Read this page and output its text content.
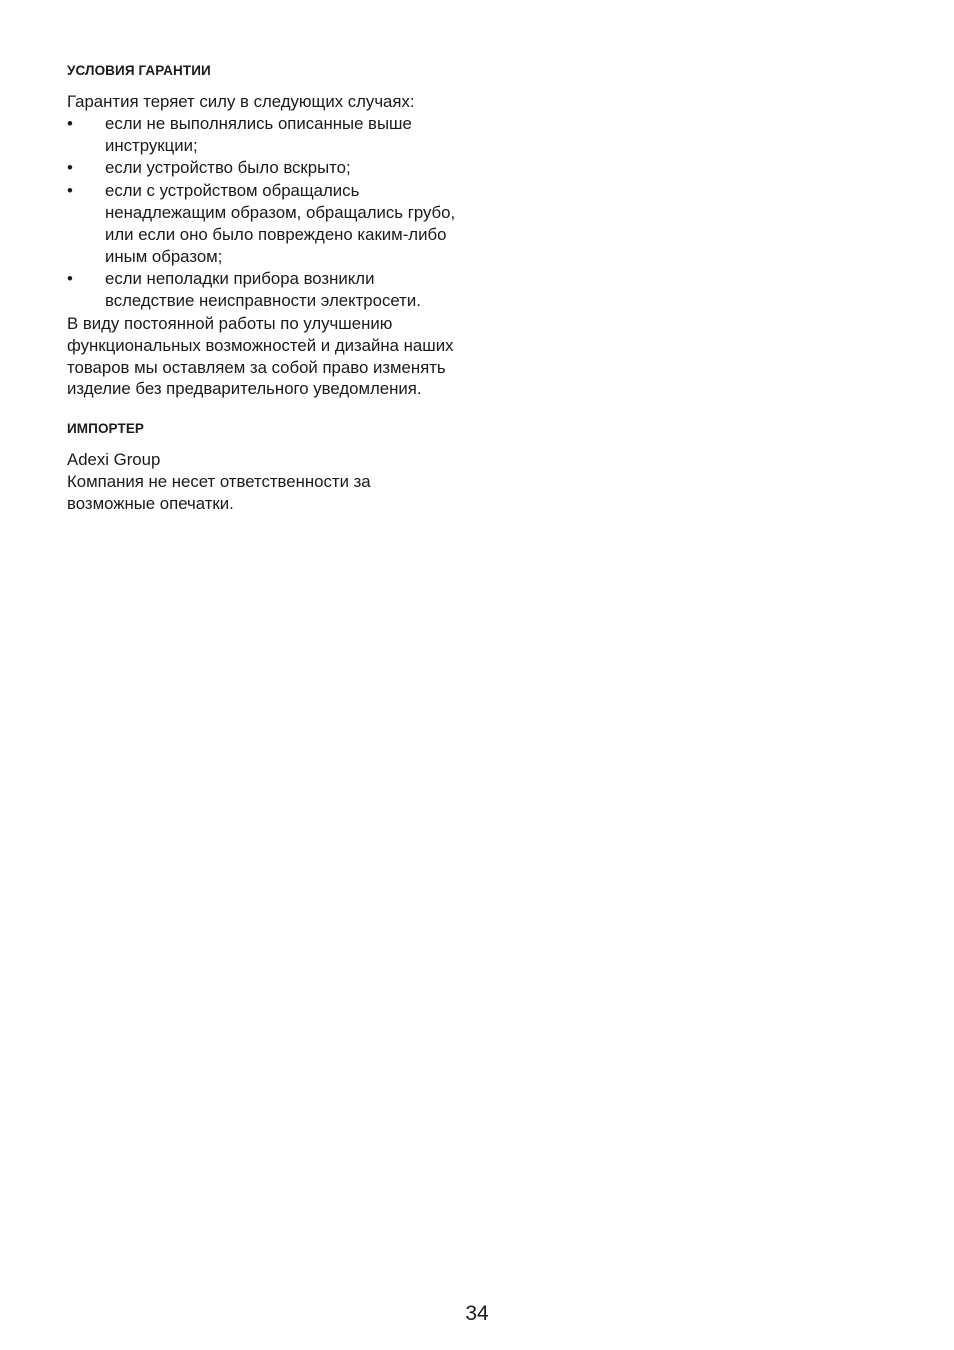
УСЛОВИЯ ГАРАНТИИ

Гарантия теряет силу в следующих случаях:

•	если не выполнялись описанные выше инструкции;
•	если устройство было вскрыто;
•	если с устройством обращались ненадлежащим образом, обращались грубо, или если оно было повреждено каким-либо иным образом;
•	если неполадки прибора возникли вследствие неисправности электросети.

В виду постоянной работы по улучшению функциональных возможностей и дизайна наших товаров мы оставляем за собой право изменять изделие без предварительного уведомления.

ИМПОРТЕР

Adexi Group

Компания не несет ответственности за возможные опечатки.

34
